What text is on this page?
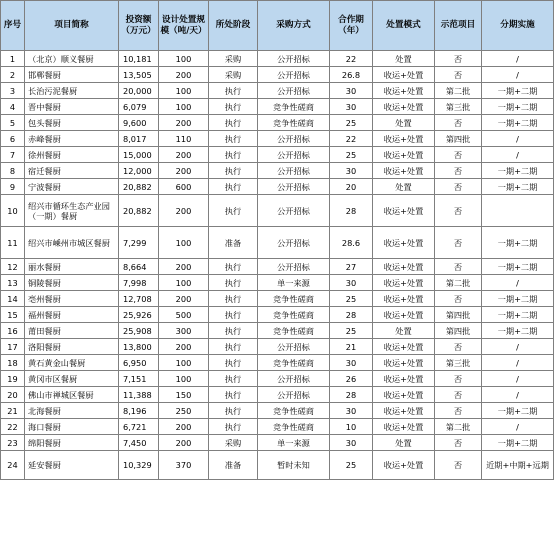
序号	项目简称	投资额（万元）	设计处置规模（吨/天）	所处阶段	采购方式	合作期（年）	处置模式	示范项目	分期实施
1	（北京）顺义餐厨	10,181	100	采购	公开招标	22	处置	否	/
2	邯郸餐厨	13,505	200	采购	公开招标	26.8	收运+处置	否	/
3	长治污泥餐厨	20,000	100	执行	公开招标	30	收运+处置	第二批	一期+二期
4	晋中餐厨	6,079	100	执行	竞争性磋商	30	收运+处置	第三批	一期+二期
5	包头餐厨	9,600	200	执行	竞争性磋商	25	处置	否	一期+二期
6	赤峰餐厨	8,017	110	执行	公开招标	22	收运+处置	第四批	/
7	徐州餐厨	15,000	200	执行	公开招标	25	收运+处置	否	/
8	宿迁餐厨	12,000	200	执行	公开招标	30	收运+处置	否	一期+二期
9	宁波餐厨	20,882	600	执行	公开招标	20	处置	否	一期+二期
10	绍兴市循环生态产业园（一期）餐厨	20,882	200	执行	公开招标	28	收运+处置	否	
11	绍兴市嵊州市城区餐厨	7,299	100	准备	公开招标	28.6	收运+处置	否	一期+二期
12	丽水餐厨	8,664	200	执行	公开招标	27	收运+处置	否	一期+二期
13	铜陵餐厨	7,998	100	执行	单一来源	30	收运+处置	第二批	/
14	亳州餐厨	12,708	200	执行	竞争性磋商	25	收运+处置	否	一期+二期
15	福州餐厨	25,926	500	执行	竞争性磋商	28	收运+处置	第四批	一期+二期
16	莆田餐厨	25,908	300	执行	竞争性磋商	25	处置	第四批	一期+二期
17	洛阳餐厨	13,800	200	执行	公开招标	21	收运+处置	否	/
18	黄石黄金山餐厨	6,950	100	执行	竞争性磋商	30	收运+处置	第三批	/
19	黄冈市区餐厨	7,151	100	执行	公开招标	26	收运+处置	否	/
20	佛山市禅城区餐厨	11,388	150	执行	公开招标	28	收运+处置	否	/
21	北海餐厨	8,196	250	执行	竞争性磋商	30	收运+处置	否	一期+二期
22	海口餐厨	6,721	200	执行	竞争性磋商	10	收运+处置	第二批	/
23	绵阳餐厨	7,450	200	采购	单一来源	30	处置	否	一期+二期
24	延安餐厨	10,329	370	准备	暂时未知	25	收运+处置	否	近期+中期+远期
